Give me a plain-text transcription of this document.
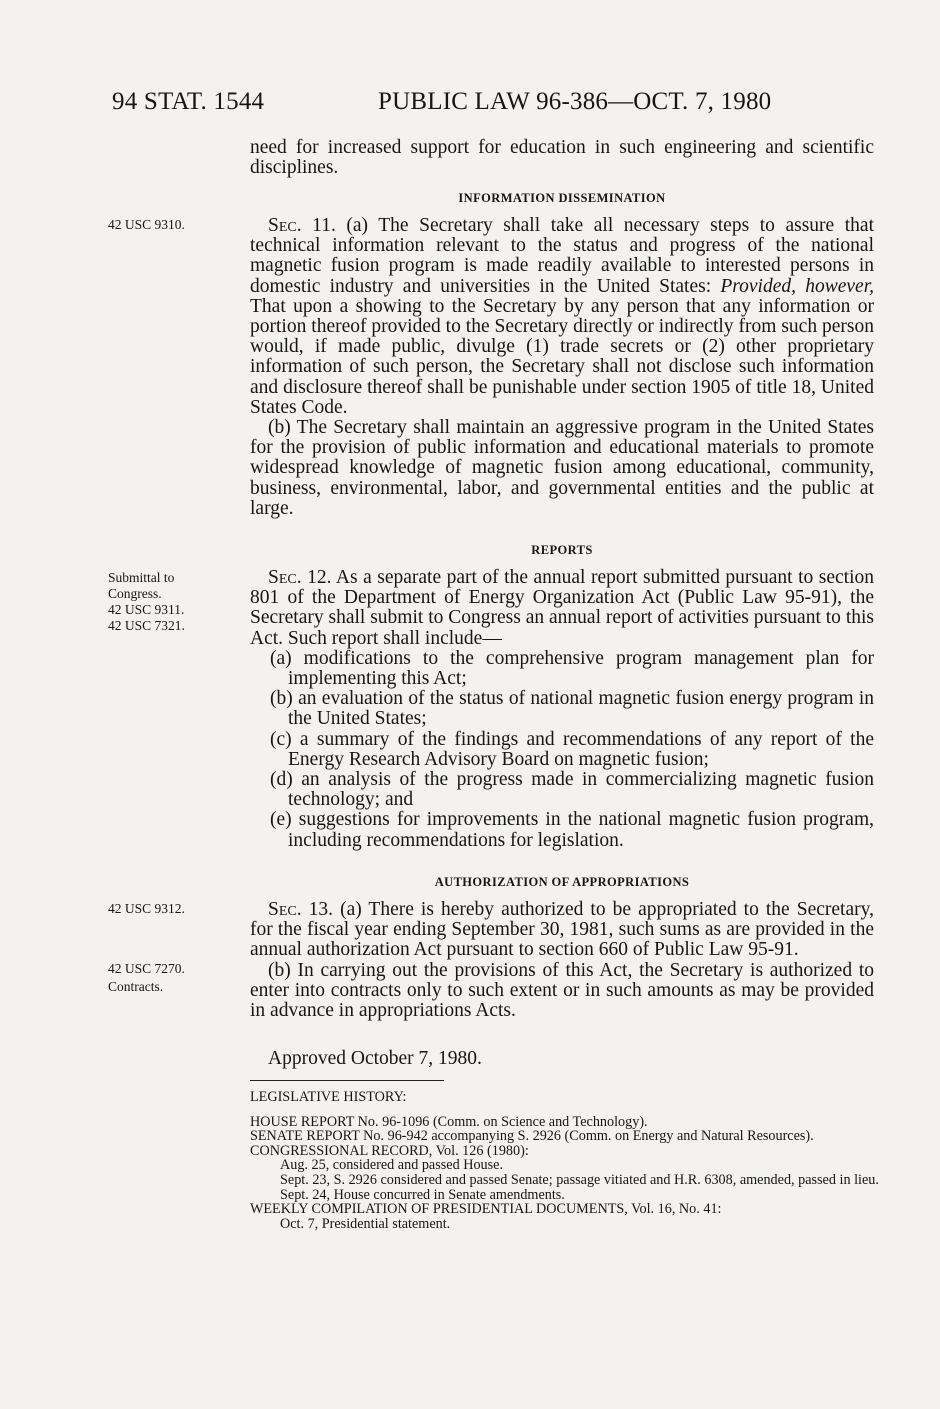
94 STAT. 1544	PUBLIC LAW 96-386—OCT. 7, 1980

need for increased support for education in such engineering and scientific disciplines.

INFORMATION DISSEMINATION
42 USC 9310.	Sec. 11. (a) The Secretary shall take all necessary steps to assure that technical information relevant to the status and progress of the national magnetic fusion program is made readily available to interested persons in domestic industry and universities in the United States: Provided, however, That upon a showing to the Secretary by any person that any information or portion thereof provided to the Secretary directly or indirectly from such person would, if made public, divulge (1) trade secrets or (2) other proprietary information of such person, the Secretary shall not disclose such information and disclosure thereof shall be punishable under section 1905 of title 18, United States Code.

(b) The Secretary shall maintain an aggressive program in the United States for the provision of public information and educational materials to promote widespread knowledge of magnetic fusion among educational, community, business, environmental, labor, and governmental entities and the public at large.

REPORTS
Submittal to
Congress.
42 USC 9311.
42 USC 7321.

Sec. 12. As a separate part of the annual report submitted pursuant to section 801 of the Department of Energy Organization Act (Public Law 95-91), the Secretary shall submit to Congress an annual report of activities pursuant to this Act. Such report shall include—

(a) modifications to the comprehensive program management plan for implementing this Act;

(b) an evaluation of the status of national magnetic fusion energy program in the United States;

(c) a summary of the findings and recommendations of any report of the Energy Research Advisory Board on magnetic fusion;

(d) an analysis of the progress made in commercializing magnetic fusion technology; and

(e) suggestions for improvements in the national magnetic fusion program, including recommendations for legislation.

AUTHORIZATION OF APPROPRIATIONS
42 USC 9312.
42 USC 7270.
Contracts.

Sec. 13. (a) There is hereby authorized to be appropriated to the Secretary, for the fiscal year ending September 30, 1981, such sums as are provided in the annual authorization Act pursuant to section 660 of Public Law 95-91.

(b) In carrying out the provisions of this Act, the Secretary is authorized to enter into contracts only to such extent or in such amounts as may be provided in advance in appropriations Acts.

Approved October 7, 1980.

LEGISLATIVE HISTORY:

HOUSE REPORT No. 96-1096 (Comm. on Science and Technology).

SENATE REPORT No. 96-942 accompanying S. 2926 (Comm. on Energy and Natural Resources).

CONGRESSIONAL RECORD, Vol. 126 (1980):

Aug. 25, considered and passed House.

Sept. 23, S. 2926 considered and passed Senate; passage vitiated and H.R. 6308, amended, passed in lieu.

Sept. 24, House concurred in Senate amendments.

WEEKLY COMPILATION OF PRESIDENTIAL DOCUMENTS, Vol. 16, No. 41:

Oct. 7, Presidential statement.
